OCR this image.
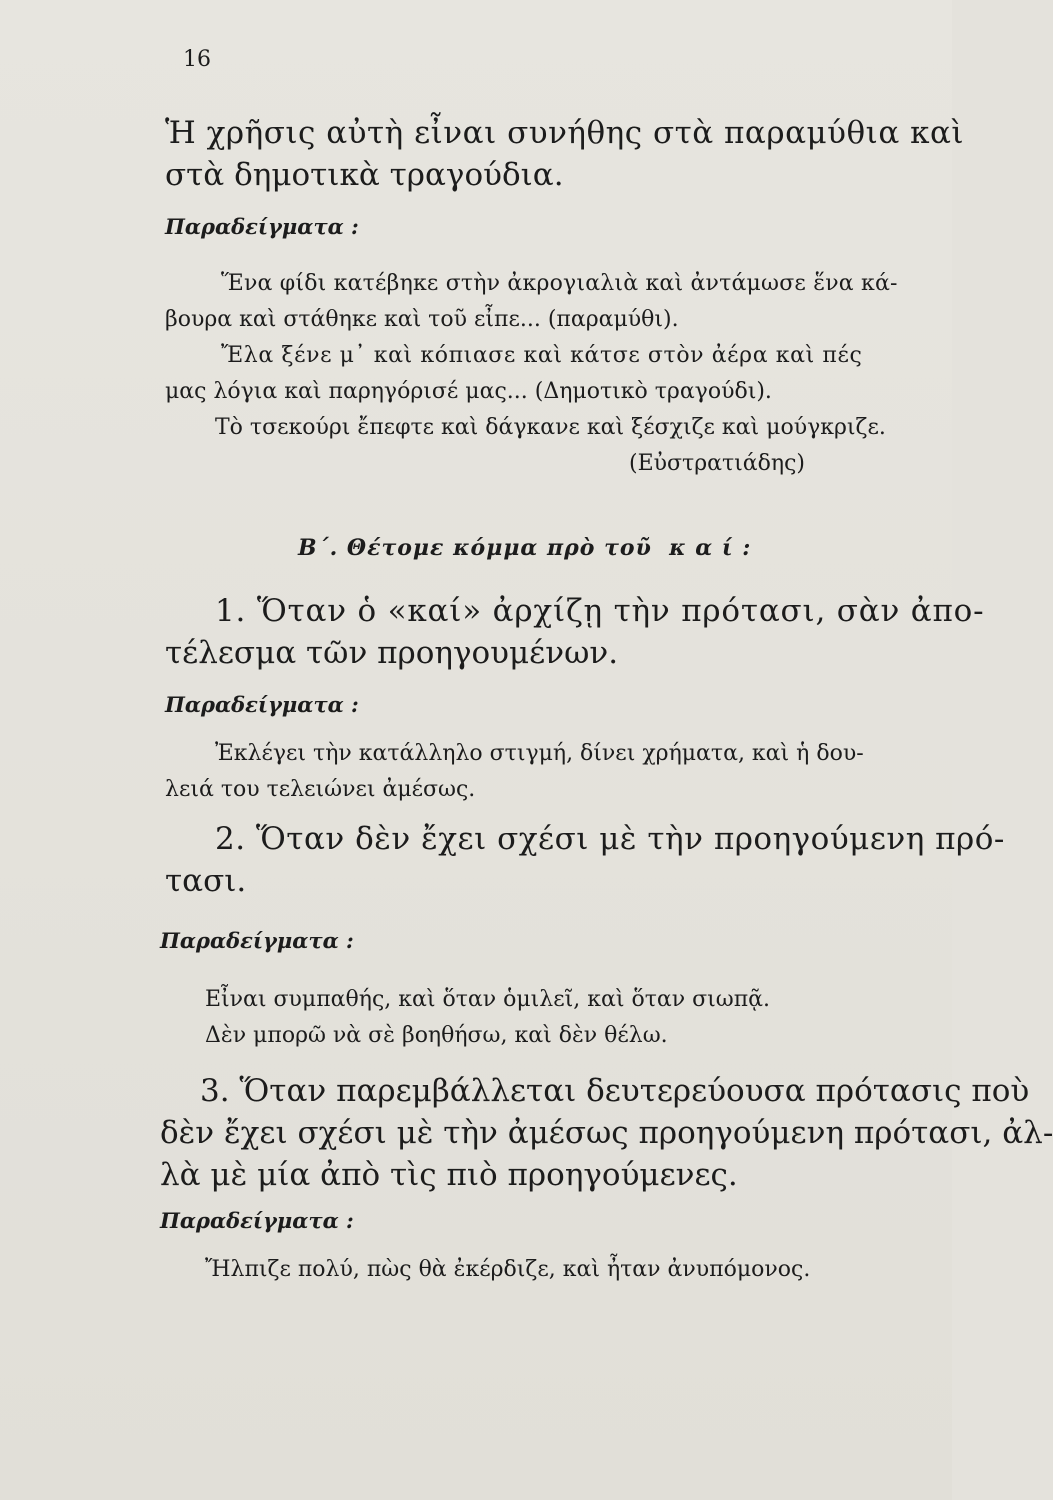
16
Ἡ χρῆσις αὐτὴ εἶναι συνήθης στὰ παραμύθια καὶ
στὰ δημοτικὰ τραγούδια.
Παραδείγματα :
Ἕνα φίδι κατέβηκε στὴν ἀκρογιαλιὰ καὶ ἀντάμωσε ἕνα κά-
βουρα καὶ στάθηκε καὶ τοῦ εἶπε... (παραμύθι).
Ἔλα ξένε μ᾽ καὶ κόπιασε καὶ κάτσε στὸν ἀέρα καὶ πές
μας λόγια καὶ παρηγόρισέ μας... (Δημοτικὸ τραγούδι).
Τὸ τσεκούρι ἔπεφτε καὶ δάγκανε καὶ ξέσχιζε καὶ μούγκριζε.
(Εὐστρατιάδης)
Β΄. Θέτομε κόμμα πρὸ τοῦ  κ α ί :
1. Ὅταν ὁ «καί» ἀρχίζῃ τὴν πρότασι, σὰν ἀπο-
τέλεσμα τῶν προηγουμένων.
Παραδείγματα :
Ἐκλέγει τὴν κατάλληλο στιγμή, δίνει χρήματα, καὶ ἡ δου-
λειά του τελειώνει ἀμέσως.
2. Ὅταν δὲν ἔχει σχέσι μὲ τὴν προηγούμενη πρό-
τασι.
Παραδείγματα :
Εἶναι συμπαθής, καὶ ὅταν ὁμιλεῖ, καὶ ὅταν σιωπᾷ.
Δὲν μπορῶ νὰ σὲ βοηθήσω, καὶ δὲν θέλω.
3. Ὅταν παρεμβάλλεται δευτερεύουσα πρότασις ποὺ
δὲν ἔχει σχέσι μὲ τὴν ἀμέσως προηγούμενη πρότασι, ἀλ-
λὰ μὲ μία ἀπὸ τὶς πιὸ προηγούμενες.
Παραδείγματα :
Ἤλπιζε πολύ, πὼς θὰ ἐκέρδιζε, καὶ ἦταν ἀνυπόμονος.
